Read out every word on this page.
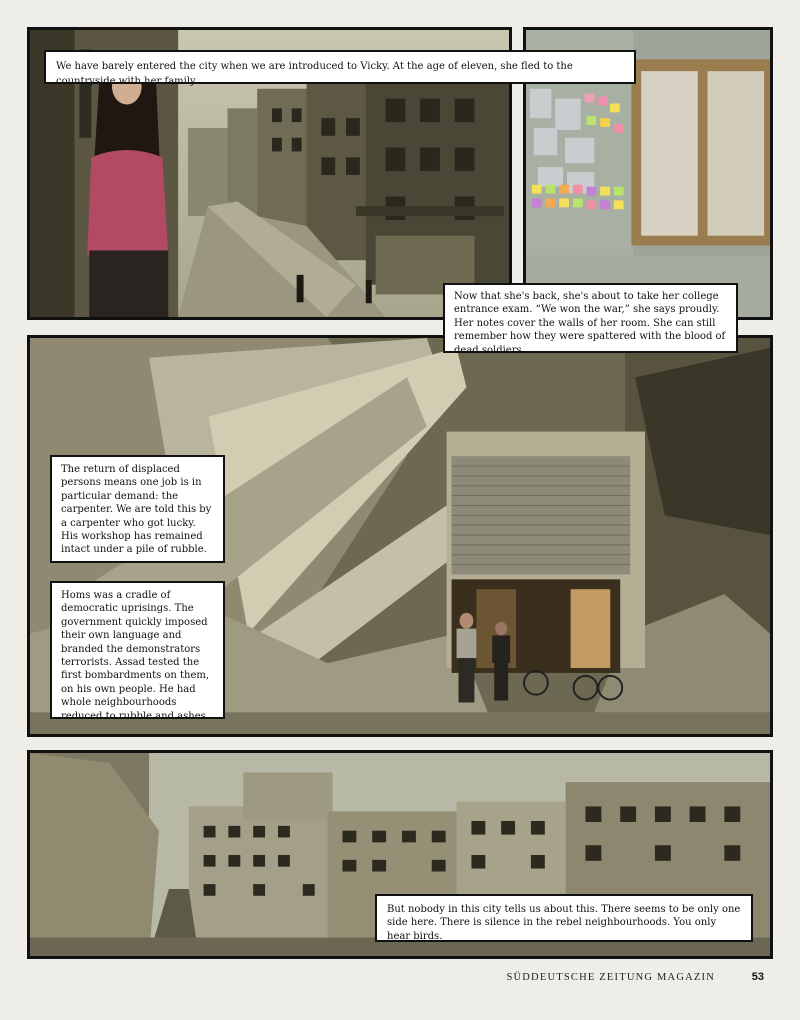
We have barely entered the city when we are introduced to Vicky. At the age of eleven, she fled to the countryside with her family.
The return of displaced persons means one job is in particular demand: the carpenter. We are told this by a carpenter who got lucky. His workshop has remained intact under a pile of rubble.
Homs was a cradle of democratic uprisings. The government quickly imposed their own language and branded the demonstrators terrorists. Assad tested the first bombardments on them, on his own people. He had whole neighbourhoods reduced to rubble and ashes.
Now that she's back, she's about to take her college entrance exam. “We won the war,” she says proudly. Her notes cover the walls of her room. She can still remember how they were spattered with the blood of dead soldiers.
But nobody in this city tells us about this. There seems to be only one side here. There is silence in the rebel neighbourhoods. You only hear birds.
SÜDDEUTSCHE ZEITUNG MAGAZIN	53
